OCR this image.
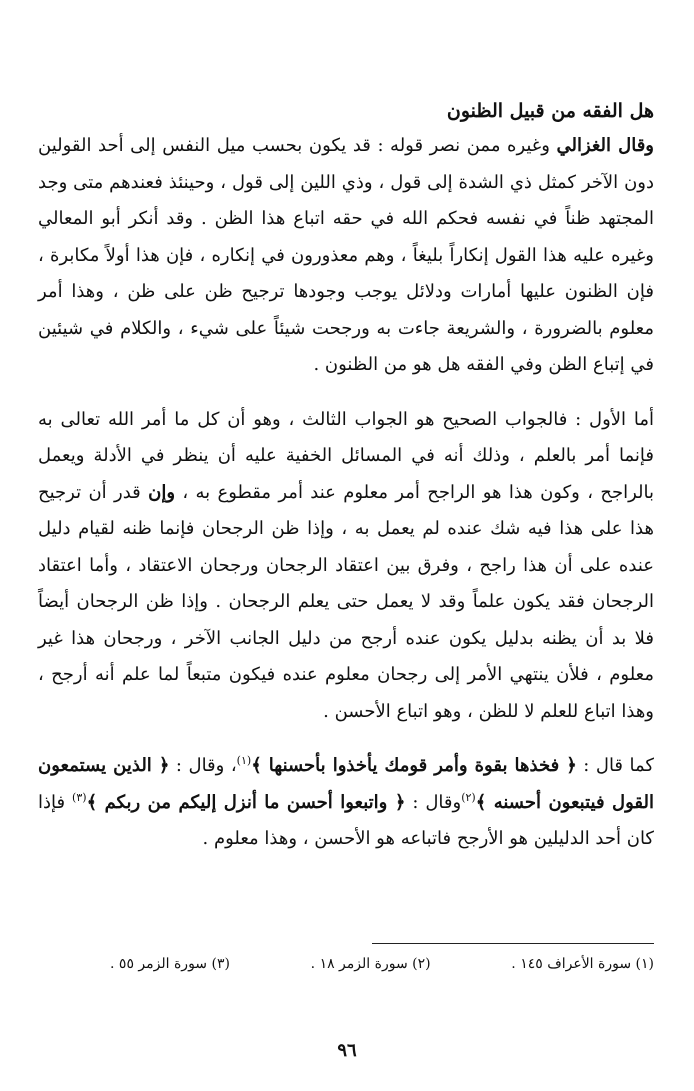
هل الفقه من قبيل الظنون

وقال الغزالي وغيره ممن نصر قوله : قد يكون بحسب ميل النفس إلى أحد القولين دون الآخر كمثل ذي الشدة إلى قول ، وذي اللين إلى قول ، وحينئذ فعندهم متى وجد المجتهد ظناً في نفسه فحكم الله في حقه اتباع هذا الظن . وقد أنكر أبو المعالي وغيره عليه هذا القول إنكاراً بليغاً ، وهم معذورون في إنكاره ، فإن هذا أولاً مكابرة ، فإن الظنون عليها أمارات ودلائل يوجب وجودها ترجيح ظن على ظن ، وهذا أمر معلوم بالضرورة ، والشريعة جاءت به ورجحت شيئاً على شيء ، والكلام في شيئين في إتباع الظن وفي الفقه هل هو من الظنون .

أما الأول : فالجواب الصحيح هو الجواب الثالث ، وهو أن كل ما أمر الله تعالى به فإنما أمر بالعلم ، وذلك أنه في المسائل الخفية عليه أن ينظر في الأدلة ويعمل بالراجح ، وكون هذا هو الراجح أمر معلوم عند أمر مقطوع به ، وإن قدر أن ترجيح هذا على هذا فيه شك عنده لم يعمل به ، وإذا ظن الرجحان فإنما ظنه لقيام دليل عنده على أن هذا راجح ، وفرق بين اعتقاد الرجحان ورجحان الاعتقاد ، وأما اعتقاد الرجحان فقد يكون علماً وقد لا يعمل حتى يعلم الرجحان . وإذا ظن الرجحان أيضاً فلا بد أن يظنه بدليل يكون عنده أرجح من دليل الجانب الآخر ، ورجحان هذا غير معلوم ، فلأن ينتهي الأمر إلى رجحان معلوم عنده فيكون متبعاً لما علم أنه أرجح ، وهذا اتباع للعلم لا للظن ، وهو اتباع الأحسن .

كما قال : ﴿ فخذها بقوة وأمر قومك يأخذوا بأحسنها ﴾$^{(١)}$، وقال : ﴿ الذين يستمعون القول فيتبعون أحسنه ﴾$^{(٢)}$وقال : ﴿ واتبعوا أحسن ما أنزل إليكم من ربكم ﴾$^{(٣)}$ فإذا كان أحد الدليلين هو الأرجح فاتباعه هو الأحسن ، وهذا معلوم .

(١) سورة الأعراف ١٤٥ .
(٢) سورة الزمر ١٨ .
(٣) سورة الزمر ٥٥ .
٩٦
